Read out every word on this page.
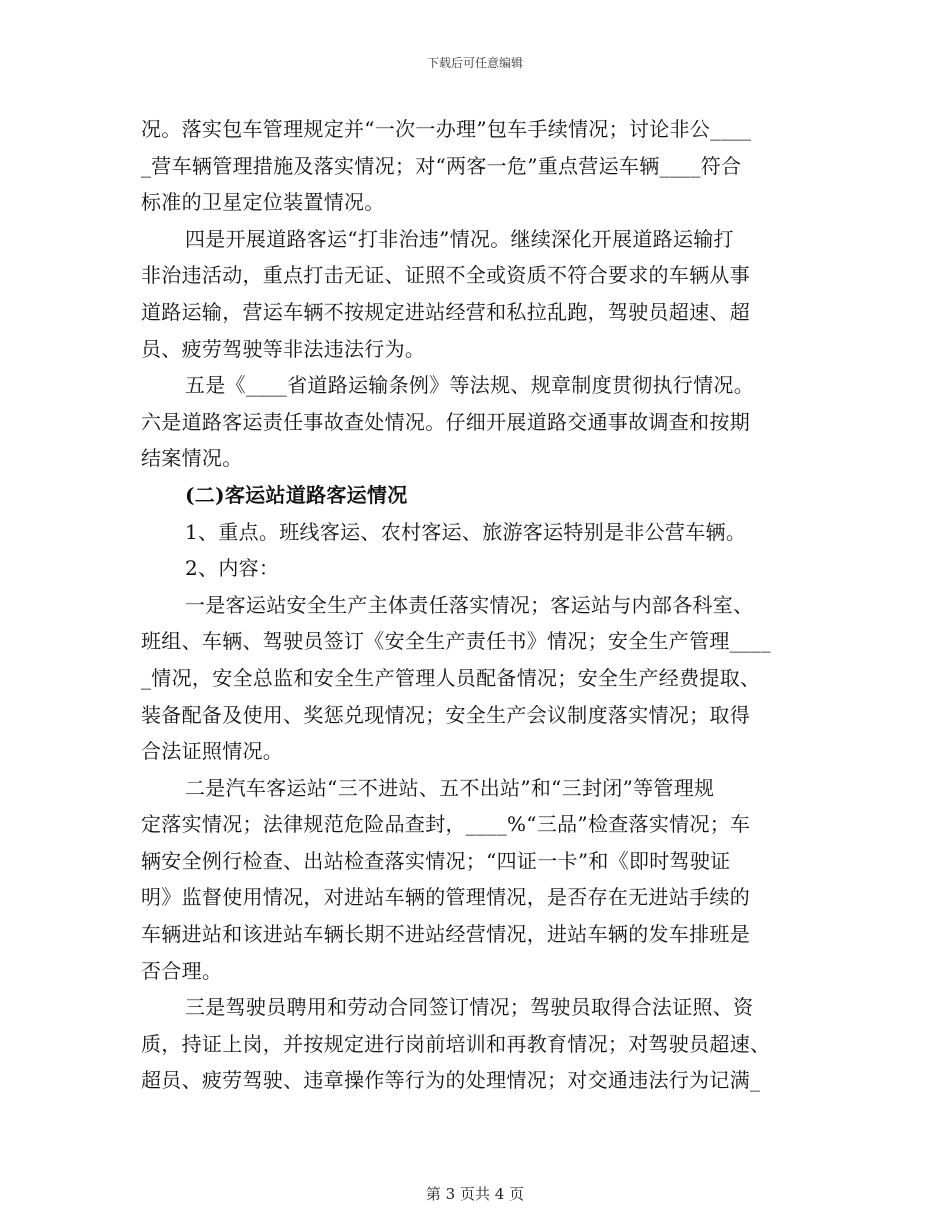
下载后可任意编辑
况。落实包车管理规定并“一次一办理”包车手续情况；讨论非公____
_营车辆管理措施及落实情况；对“两客一危”重点营运车辆____符合
标准的卫星定位装置情况。
四是开展道路客运“打非治违”情况。继续深化开展道路运输打
非治违活动，重点打击无证、证照不全或资质不符合要求的车辆从事
道路运输，营运车辆不按规定进站经营和私拉乱跑，驾驶员超速、超
员、疲劳驾驶等非法违法行为。
五是《____省道路运输条例》等法规、规章制度贯彻执行情况。
六是道路客运责任事故查处情况。仔细开展道路交通事故调查和按期
结案情况。
(二)客运站道路客运情况
1、重点。班线客运、农村客运、旅游客运特别是非公营车辆。
2、内容：
一是客运站安全生产主体责任落实情况；客运站与内部各科室、
班组、车辆、驾驶员签订《安全生产责任书》情况；安全生产管理____
_情况，安全总监和安全生产管理人员配备情况；安全生产经费提取、
装备配备及使用、奖惩兑现情况；安全生产会议制度落实情况；取得
合法证照情况。
二是汽车客运站“三不进站、五不出站”和“三封闭”等管理规
定落实情况；法律规范危险品查封，____%“三品”检查落实情况；车
辆安全例行检查、出站检查落实情况；“四证一卡”和《即时驾驶证
明》监督使用情况，对进站车辆的管理情况，是否存在无进站手续的
车辆进站和该进站车辆长期不进站经营情况，进站车辆的发车排班是
否合理。
三是驾驶员聘用和劳动合同签订情况；驾驶员取得合法证照、资
质，持证上岗，并按规定进行岗前培训和再教育情况；对驾驶员超速、
超员、疲劳驾驶、违章操作等行为的处理情况；对交通违法行为记满_
第 3 页共 4 页
